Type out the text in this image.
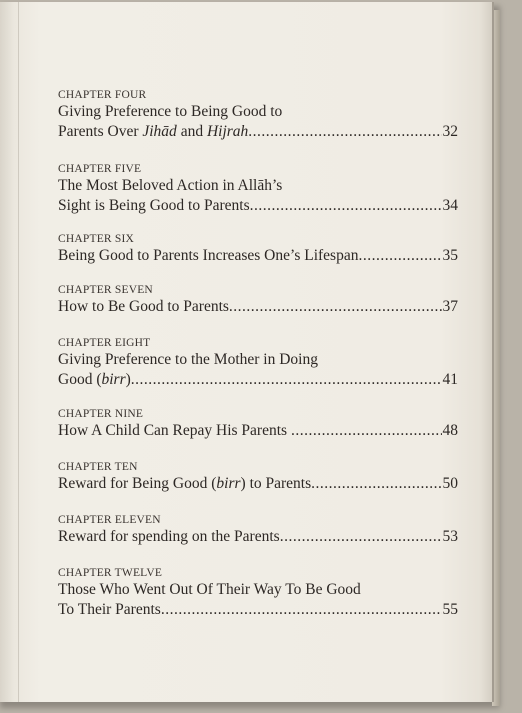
CHAPTER FOUR
Giving Preference to Being Good to
Parents Over Jihād and Hijrah .....	32
CHAPTER FIVE
The Most Beloved Action in Allāh’s
Sight is Being Good to Parents .....	34
CHAPTER SIX
Being Good to Parents Increases One’s Lifespan .....	35
CHAPTER SEVEN
How to Be Good to Parents .....	37
CHAPTER EIGHT
Giving Preference to the Mother in Doing
Good (birr) .....	41
CHAPTER NINE
How A Child Can Repay His Parents .....	48
CHAPTER TEN
Reward for Being Good (birr) to Parents .....	50
CHAPTER ELEVEN
Reward for spending on the Parents .....	53
CHAPTER TWELVE
Those Who Went Out Of Their Way To Be Good
To Their Parents .....	55
